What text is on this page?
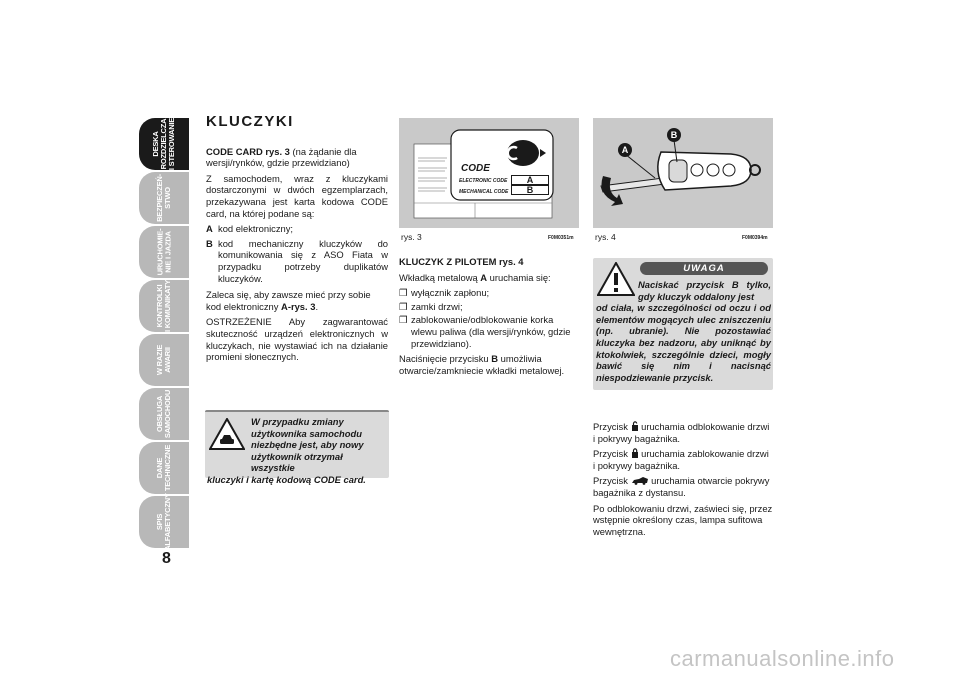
DESKA
ROZDZIELCZA
I STEROWANIE
BEZPIECZEŃ-
STWO
URUCHOMIE-
NIE I JAZDA
KONTROLKI
I KOMUNIKATY
W RAZIE
AWARII
OBSŁUGA
SAMOCHODU
DANE
TECHNICZNE
SPIS
ALFABETYCZNY
8
KLUCZYKI

CODE CARD rys. 3 (na żądanie dla wersji/rynków, gdzie przewidziano)

Z samochodem, wraz z kluczykami dostarczonymi w dwóch egzemplarzach, przekazywana jest karta kodowa CODE card, na której podane są:

A kod elektroniczny;
B kod mechaniczny kluczyków do komunikowania się z ASO Fiata w przypadku potrzeby duplikatów kluczyków.

Zaleca się, aby zawsze mieć przy sobie kod elektroniczny A-rys. 3.

OSTRZEŻENIE Aby zagwarantować skuteczność urządzeń elektronicznych w kluczykach, nie wystawiać ich na działanie promieni słonecznych.

W przypadku zmiany użytkownika samochodu niezbędne jest, aby nowy użytkownik otrzymał wszystkie
kluczyki i kartę kodową CODE card.
CODE
ELECTRONIC CODE
MECHANICAL CODE
A
B
rys. 3	F0M0351m
A
B
rys. 4	F0M0394m

KLUCZYK Z PILOTEM rys. 4

Wkładką metalową A uruchamia się:

❒ wyłącznik zapłonu;
❒ zamki drzwi;
❒ zablokowanie/odblokowanie korka wlewu paliwa (dla wersji/rynków, gdzie przewidziano).

Naciśnięcie przycisku B umożliwia otwarcie/zamkniecie wkładki metalowej.

Naciskać przycisk B tylko, gdy kluczyk oddalony jest
od ciała, w szczególności od oczu i od elementów mogących ulec zniszczeniu (np. ubranie). Nie pozostawiać kluczyka bez nadzoru, aby uniknąć by ktokolwiek, szczególnie dzieci, mogły bawić się nim i nacisnąć niespodziewanie przycisk.
UWAGA

Przycisk  uruchamia odblokowanie drzwi i pokrywy bagażnika.

Przycisk  uruchamia zablokowanie drzwi i pokrywy bagażnika.

Przycisk  uruchamia otwarcie pokrywy bagażnika z dystansu.

Po odblokowaniu drzwi, zaświeci się, przez wstępnie określony czas, lampa sufitowa wewnętrzna.

carmanualsonline.info
